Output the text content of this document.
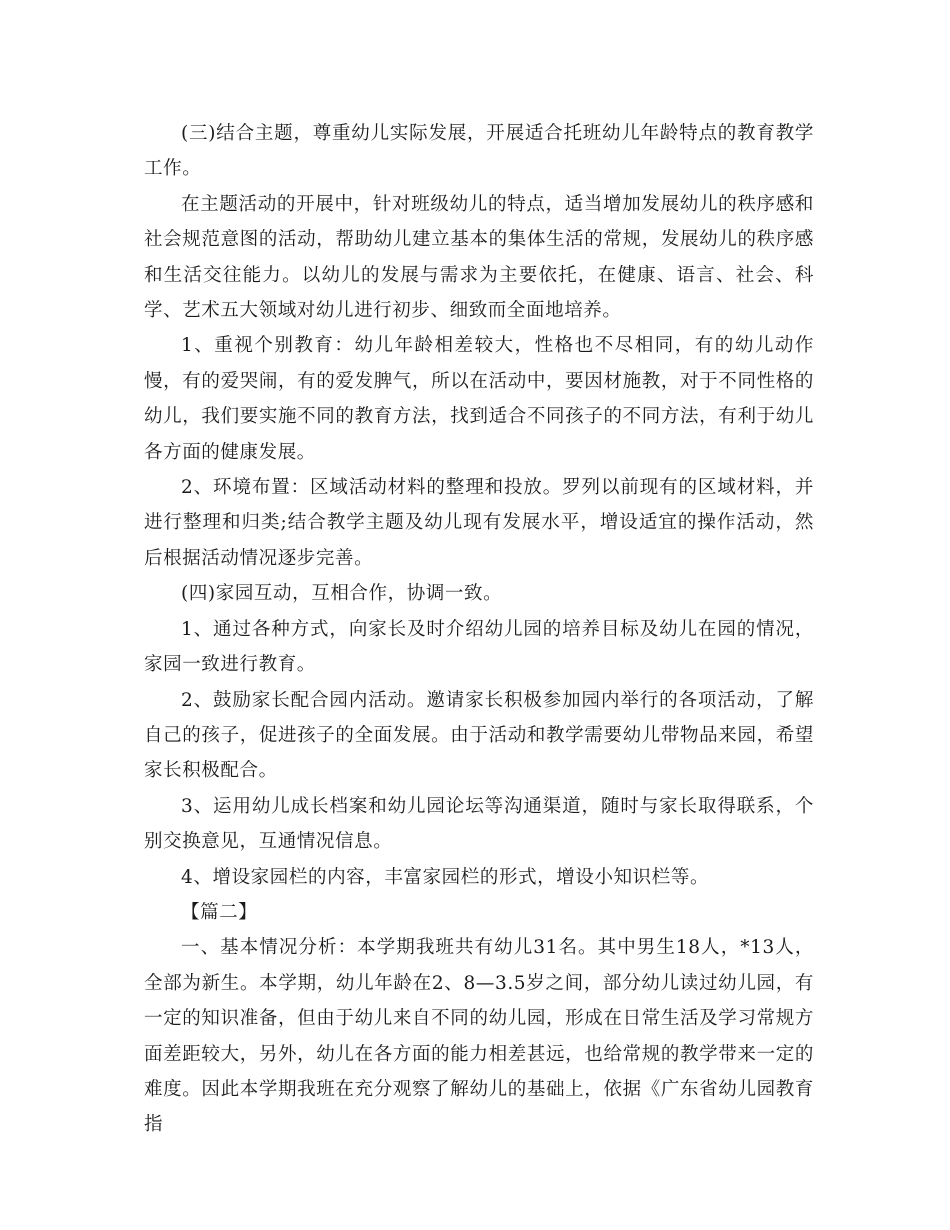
(三)结合主题，尊重幼儿实际发展，开展适合托班幼儿年龄特点的教育教学工作。

在主题活动的开展中，针对班级幼儿的特点，适当增加发展幼儿的秩序感和社会规范意图的活动，帮助幼儿建立基本的集体生活的常规，发展幼儿的秩序感和生活交往能力。以幼儿的发展与需求为主要依托，在健康、语言、社会、科学、艺术五大领域对幼儿进行初步、细致而全面地培养。

1、重视个别教育：幼儿年龄相差较大，性格也不尽相同，有的幼儿动作慢，有的爱哭闹，有的爱发脾气，所以在活动中，要因材施教，对于不同性格的幼儿，我们要实施不同的教育方法，找到适合不同孩子的不同方法，有利于幼儿各方面的健康发展。

2、环境布置：区域活动材料的整理和投放。罗列以前现有的区域材料，并进行整理和归类;结合教学主题及幼儿现有发展水平，增设适宜的操作活动，然后根据活动情况逐步完善。

(四)家园互动，互相合作，协调一致。

1、通过各种方式，向家长及时介绍幼儿园的培养目标及幼儿在园的情况，家园一致进行教育。

2、鼓励家长配合园内活动。邀请家长积极参加园内举行的各项活动，了解自己的孩子，促进孩子的全面发展。由于活动和教学需要幼儿带物品来园，希望家长积极配合。

3、运用幼儿成长档案和幼儿园论坛等沟通渠道，随时与家长取得联系，个别交换意见，互通情况信息。

4、增设家园栏的内容，丰富家园栏的形式，增设小知识栏等。

【篇二】

一、基本情况分析：本学期我班共有幼儿31名。其中男生18人，*13人，全部为新生。本学期，幼儿年龄在2、8—3.5岁之间，部分幼儿读过幼儿园，有一定的知识准备，但由于幼儿来自不同的幼儿园，形成在日常生活及学习常规方面差距较大，另外，幼儿在各方面的能力相差甚远，也给常规的教学带来一定的难度。因此本学期我班在充分观察了解幼儿的基础上，依据《广东省幼儿园教育指
